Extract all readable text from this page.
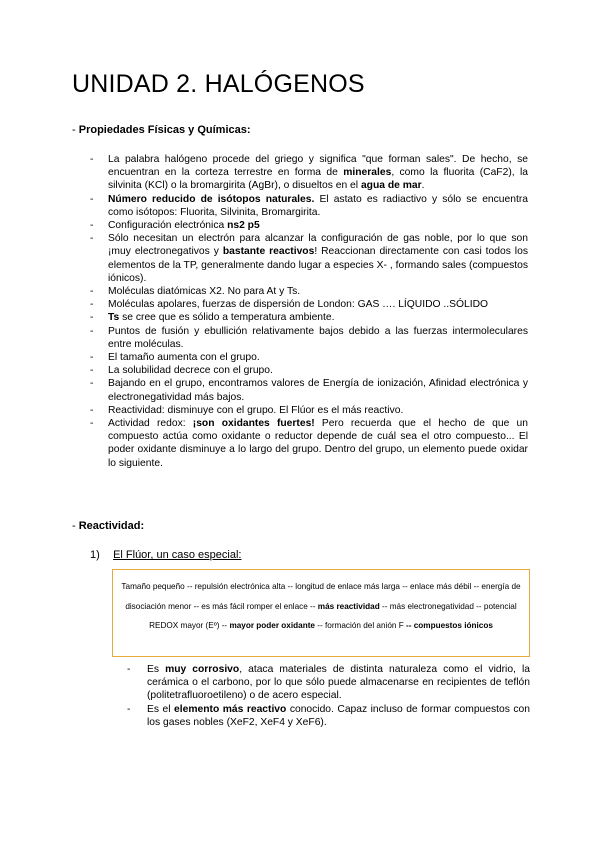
UNIDAD 2. HALÓGENOS
- Propiedades Físicas y Químicas:
- La palabra halógeno procede del griego y significa "que forman sales". De hecho, se encuentran en la corteza terrestre en forma de minerales, como la fluorita (CaF2), la silvinita (KCl) o la bromargirita (AgBr), o disueltos en el agua de mar.
- Número reducido de isótopos naturales. El astato es radiactivo y sólo se encuentra como isótopos: Fluorita, Silvinita, Bromargirita.
- Configuración electrónica ns2 p5
- Sólo necesitan un electrón para alcanzar la configuración de gas noble, por lo que son ¡muy electronegativos y bastante reactivos! Reaccionan directamente con casi todos los elementos de la TP, generalmente dando lugar a especies X- , formando sales (compuestos iónicos).
- Moléculas diatómicas X2. No para At y Ts.
- Moléculas apolares, fuerzas de dispersión de London: GAS …. LÍQUIDO ..SÓLIDO
- Ts se cree que es sólido a temperatura ambiente.
- Puntos de fusión y ebullición relativamente bajos debido a las fuerzas intermoleculares entre moléculas.
- El tamaño aumenta con el grupo.
- La solubilidad decrece con el grupo.
- Bajando en el grupo, encontramos valores de Energía de ionización, Afinidad electrónica y electronegatividad más bajos.
- Reactividad: disminuye con el grupo. El Flúor es el más reactivo.
- Actividad redox: ¡son oxidantes fuertes! Pero recuerda que el hecho de que un compuesto actúa como oxidante o reductor depende de cuál sea el otro compuesto... El poder oxidante disminuye a lo largo del grupo. Dentro del grupo, un elemento puede oxidar lo siguiente.
- Reactividad:
1) El Flúor, un caso especial:
Tamaño pequeño -- repulsión electrónica alta -- longitud de enlace más larga -- enlace más débil -- energía de disociación menor -- es más fácil romper el enlace -- más reactividad -- más electronegatividad -- potencial REDOX mayor (Eº) -- mayor poder oxidante -- formación del anión F -- compuestos iónicos
- Es muy corrosivo, ataca materiales de distinta naturaleza como el vidrio, la cerámica o el carbono, por lo que sólo puede almacenarse en recipientes de teflón (politetrafluoroetileno) o de acero especial.
- Es el elemento más reactivo conocido. Capaz incluso de formar compuestos con los gases nobles (XeF2, XeF4 y XeF6).
